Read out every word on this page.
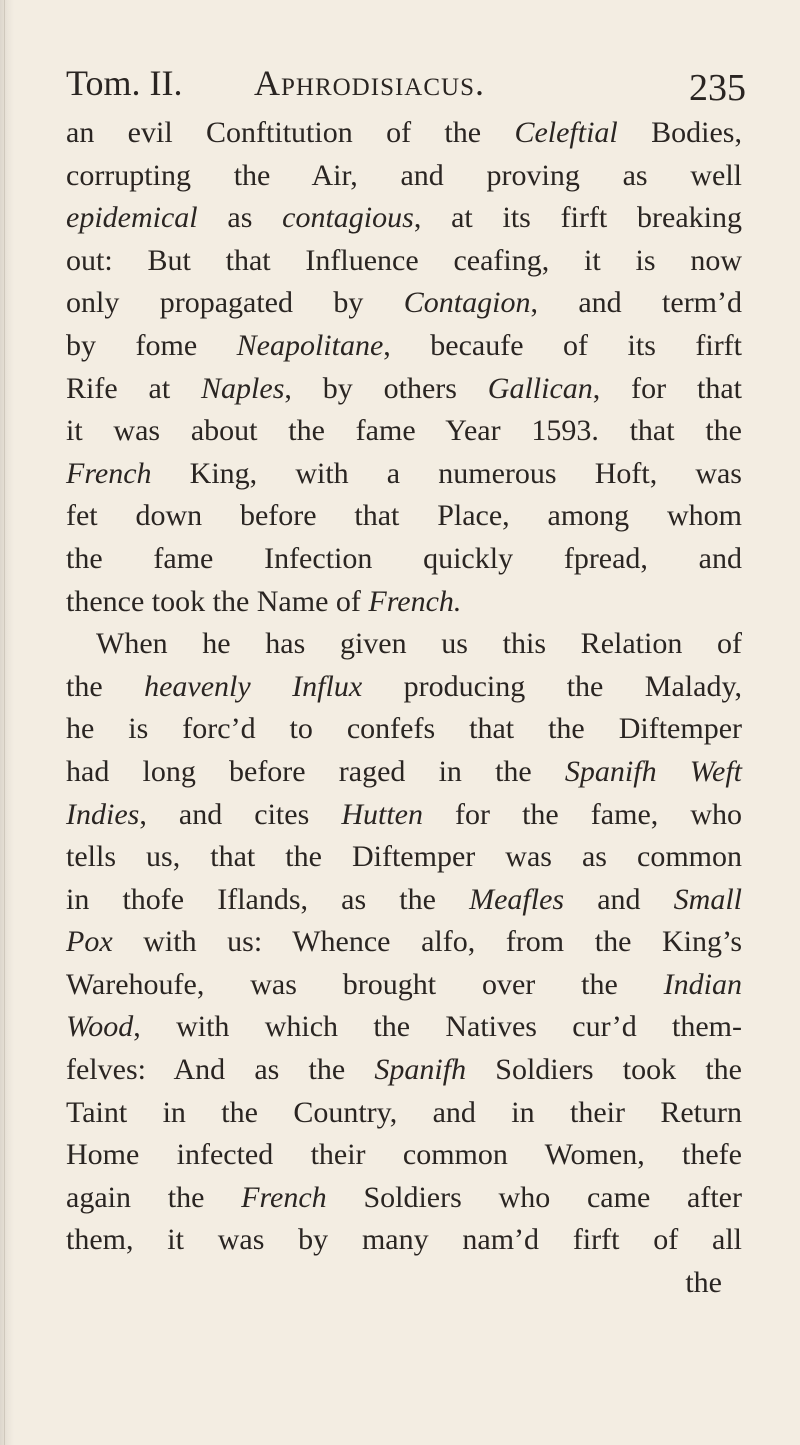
Tom. II. Aphrodisiacus.	235
an evil Conftitution of the Celeftial Bodies,
corrupting the Air, and proving as well
epidemical as contagious, at its firft breaking
out: But that Influence ceafing, it is now
only propagated by Contagion, and term’d
by fome Neapolitane, becaufe of its firft
Rife at Naples, by others Gallican, for that
it was about the fame Year 1593. that the
French King, with a numerous Hoft, was
fet down before that Place, among whom
the fame Infection quickly fpread, and
thence took the Name of French.
When he has given us this Relation of
the heavenly Influx producing the Malady,
he is forc’d to confefs that the Diftemper
had long before raged in the Spanifh Weft
Indies, and cites Hutten for the fame, who
tells us, that the Diftemper was as common
in thofe Iflands, as the Meafles and Small
Pox with us: Whence alfo, from the King’s
Warehoufe, was brought over the Indian
Wood, with which the Natives cur’d them-
felves: And as the Spanifh Soldiers took the
Taint in the Country, and in their Return
Home infected their common Women, thefe
again the French Soldiers who came after
them, it was by many nam’d firft of all
the
